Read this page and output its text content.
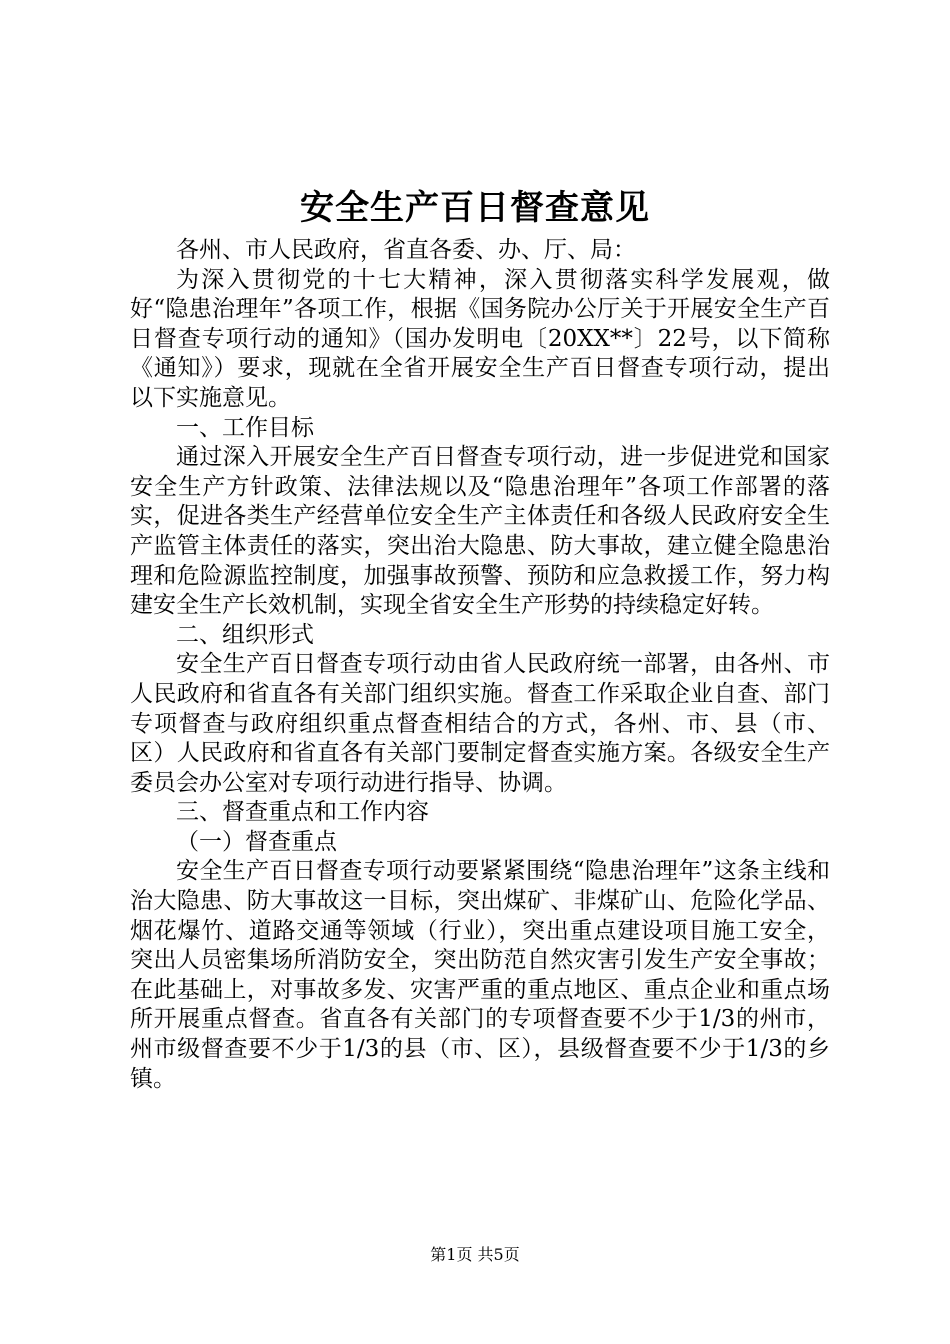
安全生产百日督查意见

各州、市人民政府，省直各委、办、厅、局：

为深入贯彻党的十七大精神，深入贯彻落实科学发展观，做好“隐患治理年”各项工作，根据《国务院办公厅关于开展安全生产百日督查专项行动的通知》（国办发明电〔20XX**〕22号，以下简称《通知》）要求，现就在全省开展安全生产百日督查专项行动，提出以下实施意见。

一、工作目标

通过深入开展安全生产百日督查专项行动，进一步促进党和国家安全生产方针政策、法律法规以及“隐患治理年”各项工作部署的落实，促进各类生产经营单位安全生产主体责任和各级人民政府安全生产监管主体责任的落实，突出治大隐患、防大事故，建立健全隐患治理和危险源监控制度，加强事故预警、预防和应急救援工作，努力构建安全生产长效机制，实现全省安全生产形势的持续稳定好转。

二、组织形式

安全生产百日督查专项行动由省人民政府统一部署，由各州、市人民政府和省直各有关部门组织实施。督查工作采取企业自查、部门专项督查与政府组织重点督查相结合的方式，各州、市、县（市、区）人民政府和省直各有关部门要制定督查实施方案。各级安全生产委员会办公室对专项行动进行指导、协调。

三、督查重点和工作内容

（一）督查重点

安全生产百日督查专项行动要紧紧围绕“隐患治理年”这条主线和治大隐患、防大事故这一目标，突出煤矿、非煤矿山、危险化学品、烟花爆竹、道路交通等领域（行业），突出重点建设项目施工安全，突出人员密集场所消防安全，突出防范自然灾害引发生产安全事故；在此基础上，对事故多发、灾害严重的重点地区、重点企业和重点场所开展重点督查。省直各有关部门的专项督查要不少于1/3的州市，州市级督查要不少于1/3的县（市、区），县级督查要不少于1/3的乡镇。

第1页 共5页
